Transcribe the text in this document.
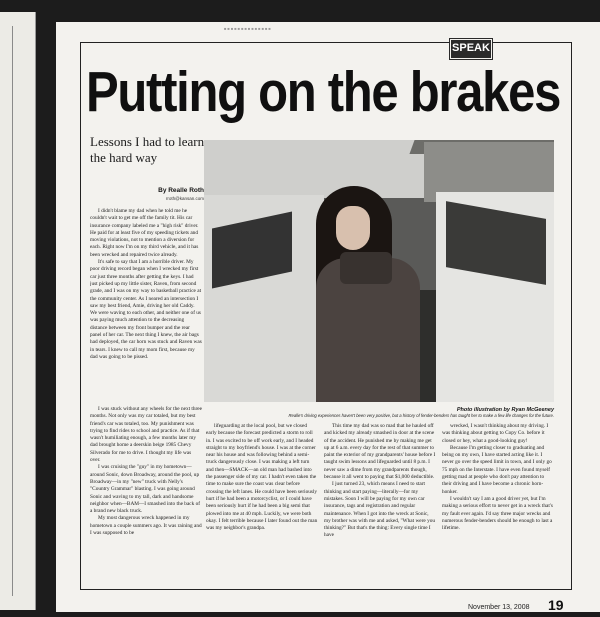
■■■■■■■■■■■■■■
SPEAK
Putting on the brakes
Lessons I had to learn the hard way
Photo illustration by Ryan McGeeney
Realle's driving experiences haven't been very positive, but a history of fender-benders has taught her to make a few life changes for the future.
By Realle Roth
rroth@kansan.com

I didn't blame my dad when he told me he couldn't wait to get me off the family tit. His car insurance company labeled me a "high risk" driver. He paid for at least five of my speeding tickets and moving violations, not to mention a diversion for each. Right now I'm on my third vehicle, and it has been wrecked and repaired twice already.

It's safe to say that I am a horrible driver. My poor driving record began when I wrecked my first car just three months after getting the keys. I had just picked up my little sister, Raven, from second grade, and I was on my way to basketball practice at the community center. As I neared an intersection I saw my best friend, Amie, driving her old Caddy. We were waving to each other, and neither one of us was paying much attention to the decreasing distance between my front bumper and the rear panel of her car. The next thing I knew, the air bags had deployed, the car horn was stuck and Raven was in tears. I knew to call my mom first, because my dad was going to be pissed.

I was stuck without any wheels for the next three months. Not only was my car totaled, but my best friend's car was totaled, too. My punishment was trying to find rides to school and practice. As if that wasn't humiliating enough, a few months later my dad brought home a deerskin beige 1985 Chevy Silverado for me to drive. I thought my life was over.

I was cruising the "guy" in my hometown—around Sonic, down Broadway, around the pool, up Broadway—in my "new" truck with Nelly's "Country Grammar" blasting. I was going around Sonic and waving to my tall, dark and handsome neighbor when—BAM—I smashed into the back of a brand new black truck.

My most dangerous wreck happened in my hometown a couple summers ago. It was raining and I was supposed to be

lifeguarding at the local pool, but we closed early because the forecast predicted a storm to roll in. I was excited to be off work early, and I headed straight to my boyfriend's house. I was at the corner near his house and was following behind a semi-truck dangerously close. I was making a left turn and then—SMACK—an old man had bashed into the passenger side of my car. I hadn't even taken the time to make sure the coast was clear before crossing the left lanes. He could have been seriously hurt if he had been a motorcyclist, or I could have been seriously hurt if he had been a big semi that plowed into me at 40 mph. Luckily, we were both okay. I felt terrible because I later found out the man was my neighbor's grandpa.

This time my dad was so mad that he hauled off and kicked my already smashed in door at the scene of the accident. He punished me by making me get up at 6 a.m. every day for the rest of that summer to paint the exterior of my grandparents' house before I taught swim lessons and lifeguarded until 8 p.m. I never saw a dime from my grandparents though, because it all went to paying that $1,000 deductible.

I just turned 23, which means I need to start thinking and start paying—literally—for my mistakes. Soon I will be paying for my own car insurance, tags and registration and regular maintenance. When I got into the wreck at Sonic, my brother was with me and asked, "What were you thinking?" But that's the thing: Every single time I have

wrecked, I wasn't thinking about my driving. I was thinking about getting to Copy Co. before it closed or hey, what a good-looking guy!

Because I'm getting closer to graduating and being on my own, I have started acting like it. I never go over the speed limit in town, and I only go 75 mph on the Interstate. I have even found myself getting mad at people who don't pay attention to their driving and I have become a chronic horn-honker.

I wouldn't say I am a good driver yet, but I'm making a serious effort to never get in a wreck that's my fault ever again. I'd say three major wrecks and numerous fender-benders should be enough to last a lifetime.

November 13, 2008 19
